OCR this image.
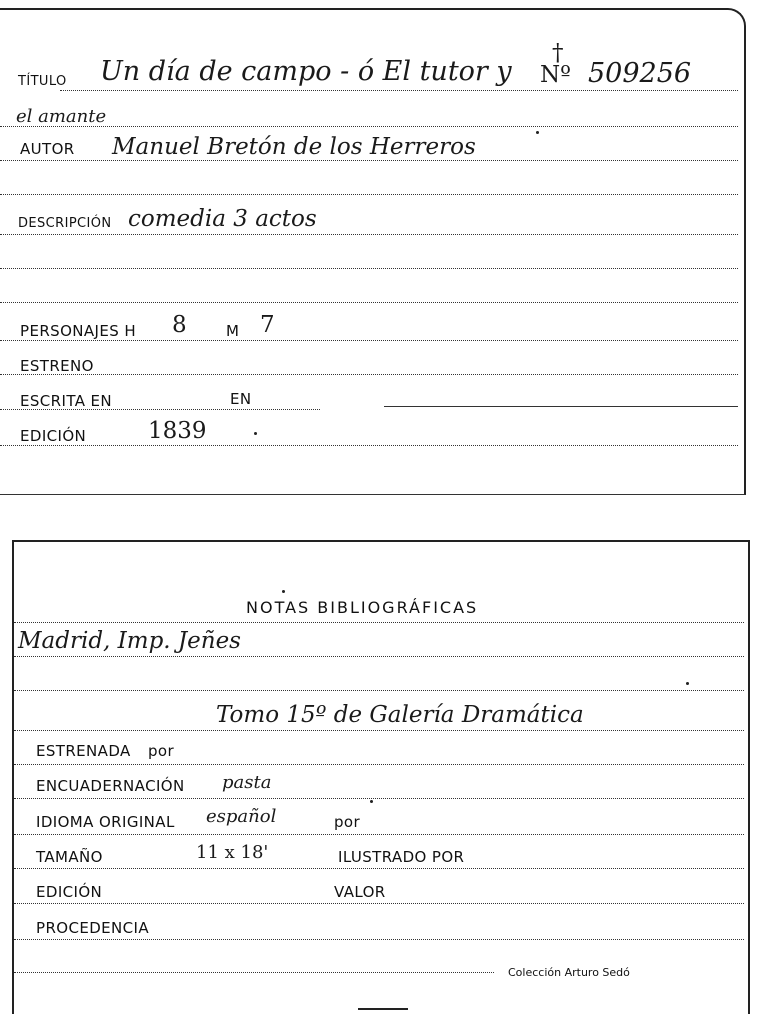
TÍTULO Un día de campo - ó El tutor y Nº
†
509256
el amante
AUTOR Manuel Bretón de los Herreros
DESCRIPCIÓN comedia 3 actos
PERSONAJES H 8	M 7
ESTRENO
ESCRITA EN	EN
EDICIÓN	1839
NOTAS BIBLIOGRÁFICAS
Madrid, Imp. Jeñes
Tomo 15º de Galería Dramática
ESTRENADA por
ENCUADERNACIÓN pasta
IDIOMA ORIGINAL español	por
TAMAÑO	11 x 18'	ILUSTRADO POR
EDICIÓN	VALOR
PROCEDENCIA
Colección Arturo Sedó
